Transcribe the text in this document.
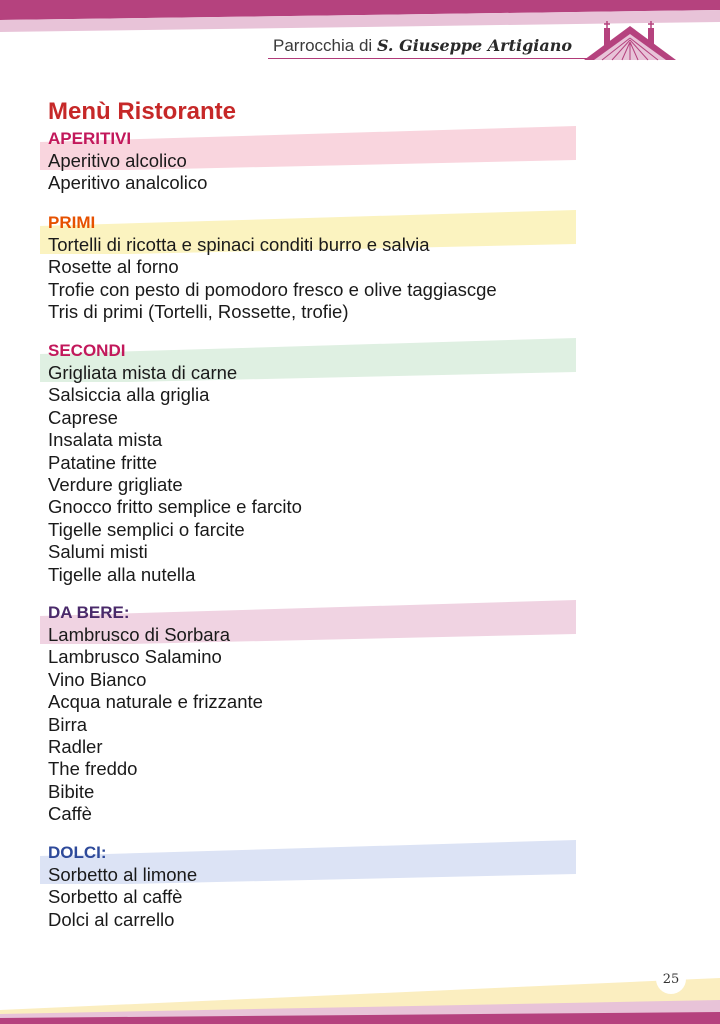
Parrocchia di S. Giuseppe Artigiano
Menù Ristorante
APERITIVI
Aperitivo alcolico
Aperitivo analcolico
PRIMI
Tortelli di ricotta e spinaci conditi burro e salvia
Rosette al forno
Trofie con pesto di pomodoro fresco e olive taggiascge
Tris di primi (Tortelli, Rossette, trofie)
SECONDI
Grigliata mista di carne
Salsiccia alla griglia
Caprese
Insalata mista
Patatine fritte
Verdure grigliate
Gnocco fritto semplice e farcito
Tigelle semplici o farcite
Salumi misti
Tigelle alla nutella
DA BERE:
Lambrusco di Sorbara
Lambrusco Salamino
Vino Bianco
Acqua naturale e frizzante
Birra
Radler
The freddo
Bibite
Caffè
DOLCI:
Sorbetto al limone
Sorbetto al caffè
Dolci al carrello
25
